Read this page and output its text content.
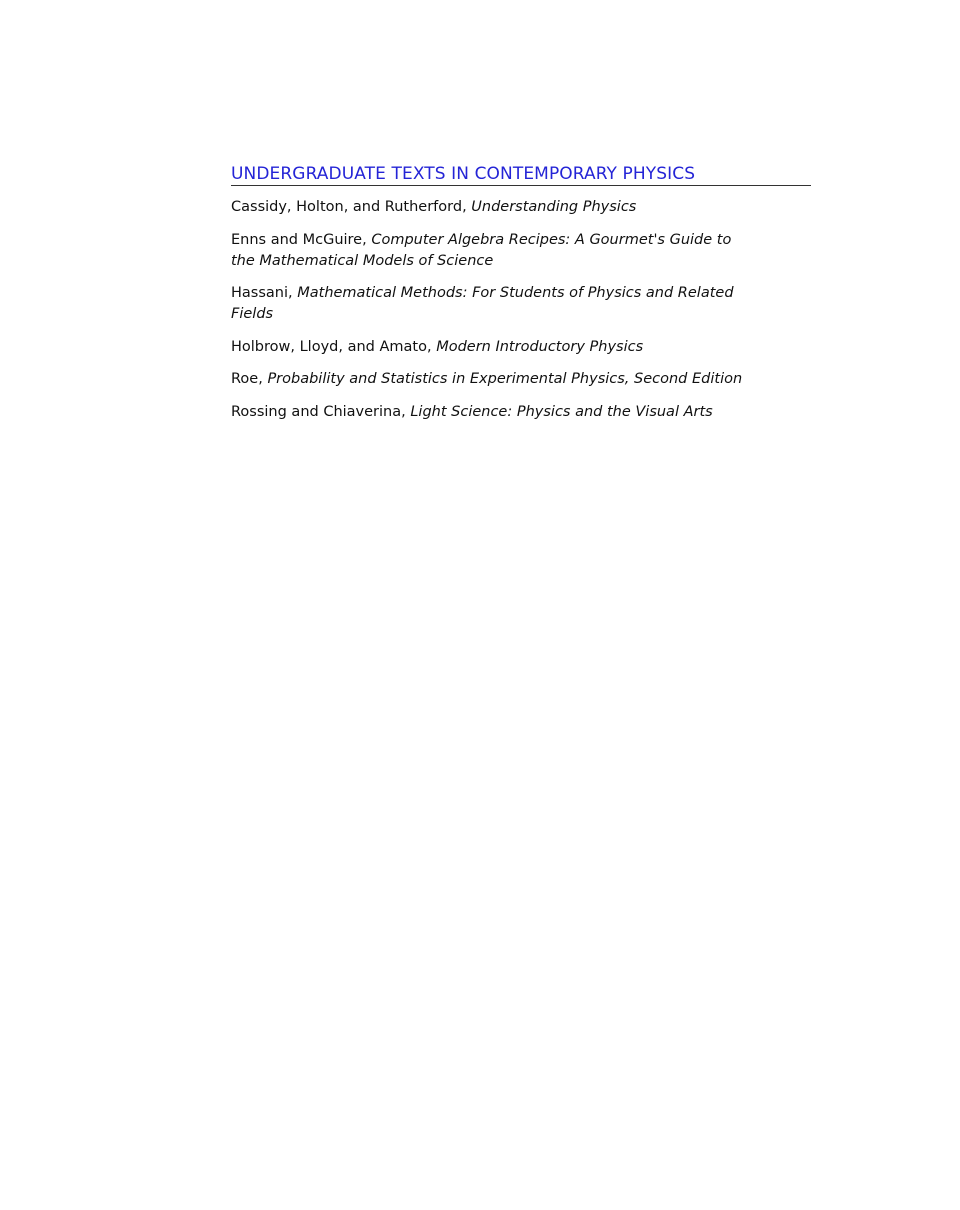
UNDERGRADUATE TEXTS IN CONTEMPORARY PHYSICS
Cassidy, Holton, and Rutherford, Understanding Physics
Enns and McGuire, Computer Algebra Recipes: A Gourmet's Guide to the Mathematical Models of Science
Hassani, Mathematical Methods: For Students of Physics and Related Fields
Holbrow, Lloyd, and Amato, Modern Introductory Physics
Roe, Probability and Statistics in Experimental Physics, Second Edition
Rossing and Chiaverina, Light Science: Physics and the Visual Arts
